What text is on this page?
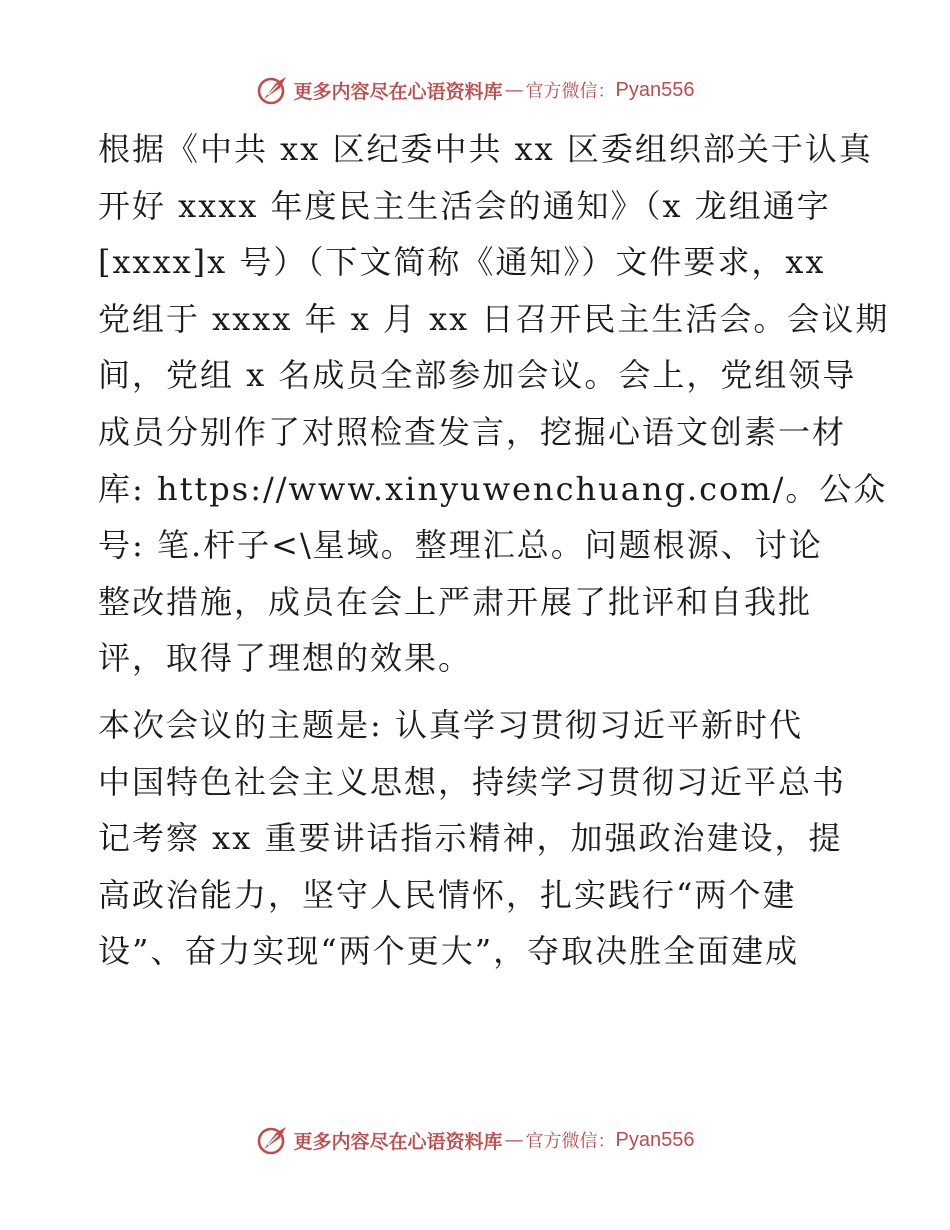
更多内容尽在心语资料库 — 官方微信： Pyan556

根据《中共 xx 区纪委中共 xx 区委组织部关于认真
开好 xxxx 年度民主生活会的通知》（x 龙组通字
[xxxx]x 号）（下文简称《通知》）文件要求，xx
党组于 xxxx 年 x 月 xx 日召开民主生活会。会议期
间，党组 x 名成员全部参加会议。会上，党组领导
成员分别作了对照检查发言，挖掘心语文创素一材
库: https://www.xinyuwenchuang.com/。公众
号: 笔.杆子<\星域。整理汇总。问题根源、讨论
整改措施，成员在会上严肃开展了批评和自我批
评，取得了理想的效果。

本次会议的主题是: 认真学习贯彻习近平新时代
中国特色社会主义思想，持续学习贯彻习近平总书
记考察 xx 重要讲话指示精神，加强政治建设，提
高政治能力，坚守人民情怀，扎实践行“两个建
设”、奋力实现“两个更大”，夺取决胜全面建成

更多内容尽在心语资料库 — 官方微信： Pyan556
